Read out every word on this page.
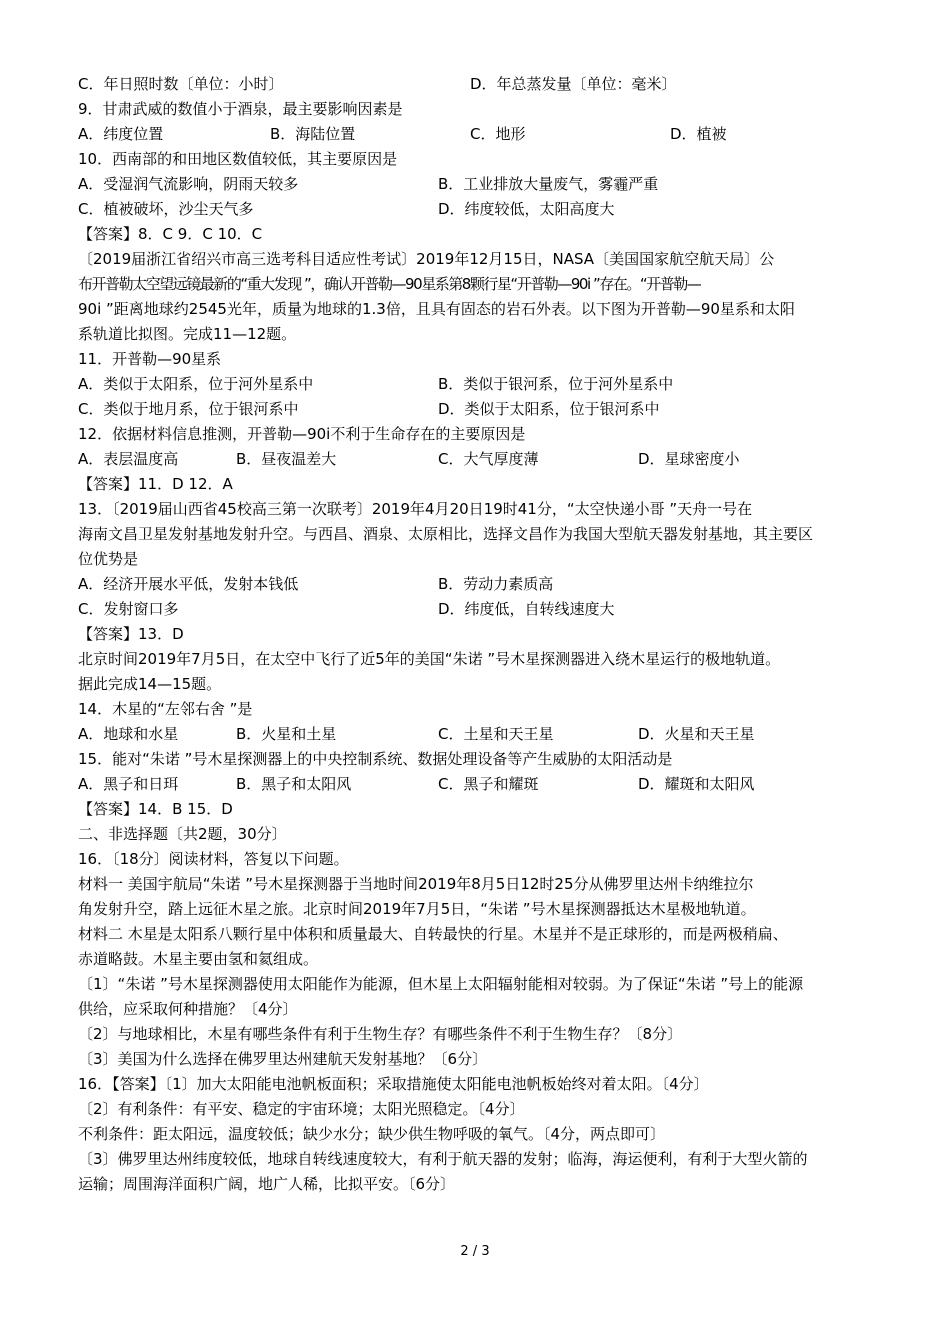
C．年日照时数〔单位：小时〕	D．年总蒸发量〔单位：毫米〕
9．甘肃武威的数值小于酒泉，最主要影响因素是
A．纬度位置	B．海陆位置	C．地形	D．植被
10．西南部的和田地区数值较低，其主要原因是
A．受湿润气流影响，阴雨天较多	B．工业排放大量废气，雾霾严重
C．植被破坏，沙尘天气多	D．纬度较低，太阳高度大
【答案】8．C 9．C 10．C
〔2019届浙江省绍兴市高三选考科目适应性考试〕2019年12月15日，NASA〔美国国家航空航天局〕公
布开普勒太空望远镜最新的“重大发现 ”，确认开普勒—90星系第8颗行星“开普勒—90i ”存在。“开普勒—
90i ”距离地球约2545光年，质量为地球的1.3倍，且具有固态的岩石外表。以下图为开普勒—90星系和太阳
系轨道比拟图。完成11—12题。
11．开普勒—90星系
A．类似于太阳系，位于河外星系中	B．类似于银河系，位于河外星系中
C．类似于地月系，位于银河系中	D．类似于太阳系，位于银河系中
12．依据材料信息推测，开普勒—90i不利于生命存在的主要原因是
A．表层温度高	B．昼夜温差大	C．大气厚度薄	D．星球密度小
【答案】11．D 12．A
13．〔2019届山西省45校高三第一次联考〕2019年4月20日19时41分，“太空快递小哥 ”天舟一号在
海南文昌卫星发射基地发射升空。与西昌、酒泉、太原相比，选择文昌作为我国大型航天器发射基地，其主要区
位优势是
A．经济开展水平低，发射本钱低	B．劳动力素质高
C．发射窗口多	D．纬度低，自转线速度大
【答案】13．D
北京时间2019年7月5日，在太空中飞行了近5年的美国“朱诺 ”号木星探测器进入绕木星运行的极地轨道。
据此完成14—15题。
14．木星的“左邻右舍 ”是
A．地球和水星	B．火星和土星	C．土星和天王星	D．火星和天王星
15．能对“朱诺 ”号木星探测器上的中央控制系统、数据处理设备等产生威胁的太阳活动是
A．黑子和日珥	B．黑子和太阳风	C．黑子和耀斑	D．耀斑和太阳风
【答案】14．B 15．D
二、非选择题〔共2题，30分〕
16．〔18分〕阅读材料，答复以下问题。
材料一 美国宇航局“朱诺 ”号木星探测器于当地时间2019年8月5日12时25分从佛罗里达州卡纳维拉尔
角发射升空，踏上远征木星之旅。北京时间2019年7月5日，“朱诺 ”号木星探测器抵达木星极地轨道。
材料二 木星是太阳系八颗行星中体积和质量最大、自转最快的行星。木星并不是正球形的，而是两极稍扁、
赤道略鼓。木星主要由氢和氦组成。
〔1〕“朱诺 ”号木星探测器使用太阳能作为能源，但木星上太阳辐射能相对较弱。为了保证“朱诺 ”号上的能源
供给，应采取何种措施？〔4分〕
〔2〕与地球相比，木星有哪些条件有利于生物生存？有哪些条件不利于生物生存？〔8分〕
〔3〕美国为什么选择在佛罗里达州建航天发射基地？〔6分〕
16．【答案】〔1〕加大太阳能电池帆板面积；采取措施使太阳能电池帆板始终对着太阳。〔4分〕
〔2〕有利条件：有平安、稳定的宇宙环境；太阳光照稳定。〔4分〕
不利条件：距太阳远，温度较低；缺少水分；缺少供生物呼吸的氧气。〔4分，两点即可〕
〔3〕佛罗里达州纬度较低，地球自转线速度较大，有利于航天器的发射；临海，海运便利，有利于大型火箭的
运输；周围海洋面积广阔，地广人稀，比拟平安。〔6分〕
2 / 3
